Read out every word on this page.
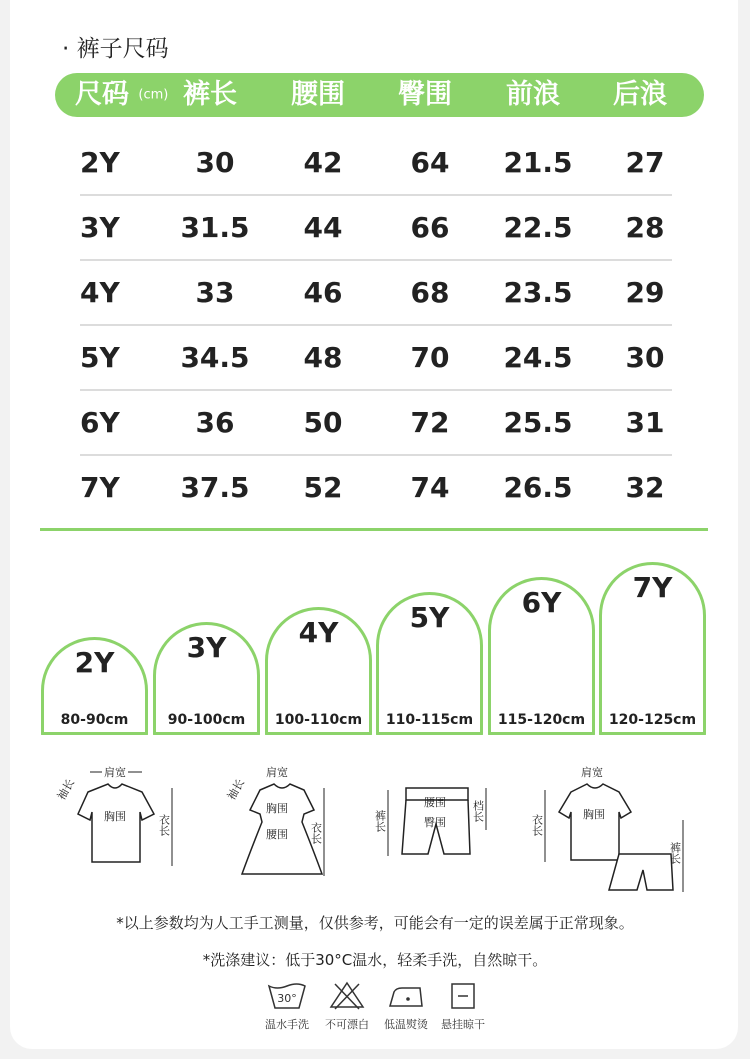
· 裤子尺码
尺码 (cm) 裤长	腰围	臀围	前浪	后浪
2Y	30	42	64	21.5	27
3Y	31.5	44	66	22.5	28
4Y	33	46	68	23.5	29
5Y	34.5	48	70	24.5	30
6Y	36	50	72	25.5	31
7Y	37.5	52	74	26.5	32
2Y
80-90cm
3Y
90-100cm
4Y
100-110cm
5Y
110-115cm
6Y
115-120cm
7Y
120-125cm
肩宽
袖长
胸围	衣长
肩宽
袖长
胸围
腰围 衣长
腰围
臀围
裤长	档长
肩宽
胸围
衣长
裤长
*以上参数均为人工手工测量，仅供参考，可能会有一定的误差属于正常现象。
*洗涤建议：低于30°C温水，轻柔手洗，自然晾干。
30°
温水手洗 不可漂白 低温熨烫 悬挂晾干
